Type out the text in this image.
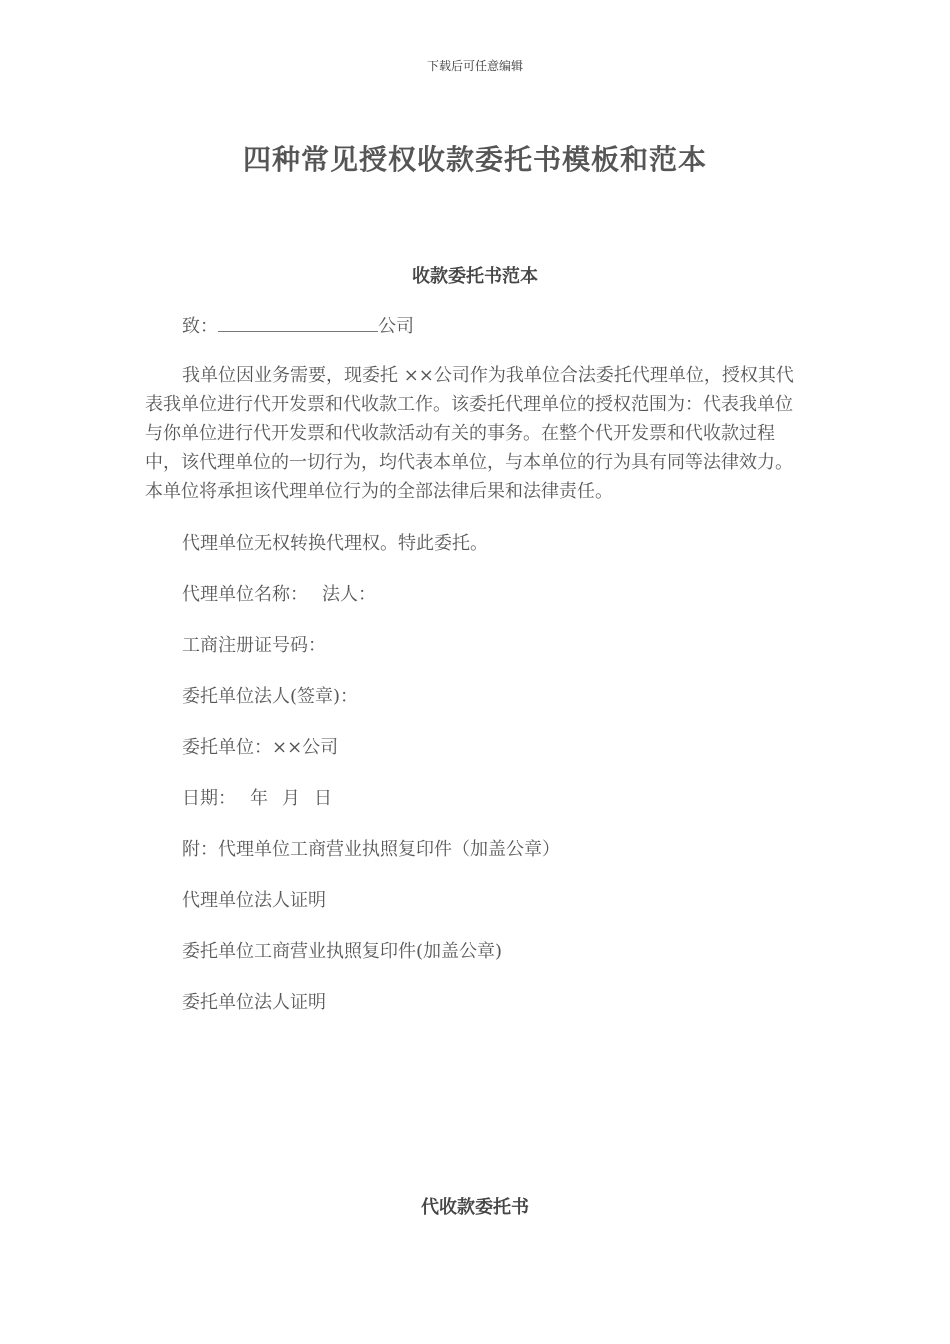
下载后可任意编辑
四种常见授权收款委托书模板和范本
收款委托书范本
致：	公司
我单位因业务需要，现委托 ××公司作为我单位合法委托代理单位，授权其代表我单位进行代开发票和代收款工作。该委托代理单位的授权范围为：代表我单位与你单位进行代开发票和代收款活动有关的事务。在整个代开发票和代收款过程中，该代理单位的一切行为，均代表本单位，与本单位的行为具有同等法律效力。本单位将承担该代理单位行为的全部法律后果和法律责任。
代理单位无权转换代理权。特此委托。
代理单位名称： 法人：
工商注册证号码：
委托单位法人(签章)：
委托单位：××公司
日期： 年 月 日
附：代理单位工商营业执照复印件（加盖公章）
代理单位法人证明
委托单位工商营业执照复印件(加盖公章)
委托单位法人证明
代收款委托书
